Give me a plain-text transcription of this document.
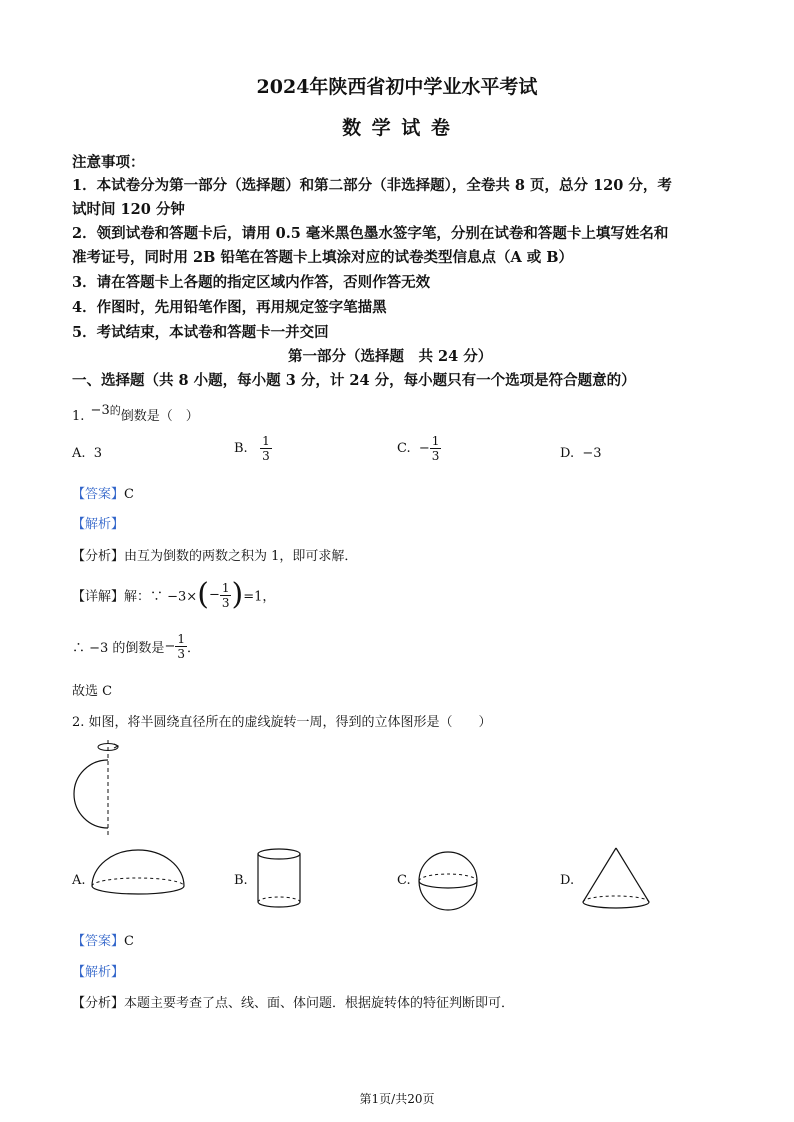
2024年陕西省初中学业水平考试
数 学 试 卷
注意事项：
1．本试卷分为第一部分（选择题）和第二部分（非选择题），全卷共 8 页，总分 120 分，考
试时间 120 分钟
2．领到试卷和答题卡后，请用 0.5 毫米黑色墨水签字笔，分别在试卷和答题卡上填写姓名和
准考证号，同时用 2B 铅笔在答题卡上填涂对应的试卷类型信息点（A 或 B）
3．请在答题卡上各题的指定区域内作答，否则作答无效
4．作图时，先用铅笔作图，再用规定签字笔描黑
5．考试结束，本试卷和答题卡一并交回
第一部分（选择题　共 24 分）
一、选择题（共 8 小题，每小题 3 分，计 24 分，每小题只有一个选项是符合题意的）
1. −3的倒数是（　）
A. 3	B. $\frac{1}{3}$	C. − $\frac{1}{3}$	D. −3
【答案】C
【解析】
【分析】由互为倒数的两数之积为 1，即可求解．
【详解】解：∵ $-3\times(- \frac{1}{3} )=1$，
∴ −3 的倒数是− $\frac{1}{3}$ ．
故选 C
2. 如图，将半圆绕直径所在的虚线旋转一周，得到的立体图形是（　　）
A.	B.	C.	D.
【答案】C
【解析】
【分析】本题主要考查了点、线、面、体问题．根据旋转体的特征判断即可．
第1页/共20页
